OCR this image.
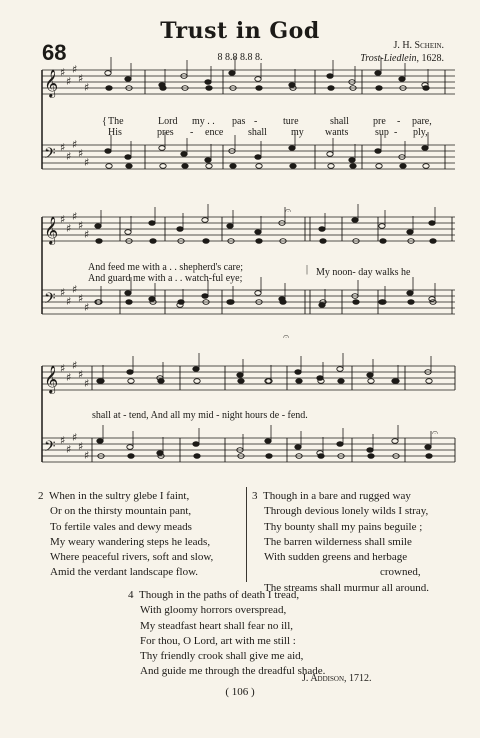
Trust in God
68	8 8.8 8.8 8.
J. H. Schein.
Trost-Liedlein, 1628.
♯
♯
♯
♯
♯
♯
♯
♯
♯
♯
𝄞
𝄢
♯
♯
♯
♯
♯
♯
♯
♯
♯
♯
𝄞
𝄢
♯
♯
♯
♯
♯
♯
♯
♯
♯
♯
𝄞
𝄢
𝄐
𝄐
𝄐
{ The	Lord my . . pas -	ture	shall pre - pare,
His	pres - ence shall my wants	sup - ply,
And feed me with a . . shepherd's care;
And guard me with a . . watch-ful eye;
| My noon- day walks he
shall at - tend, And all my mid - night hours de - fend.
2 When in the sultry glebe I faint,
Or on the thirsty mountain pant,
To fertile vales and dewy meads
My weary wandering steps he leads,
Where peaceful rivers, soft and slow,
Amid the verdant landscape flow.
3 Though in a bare and rugged way
Through devious lonely wilds I stray,
Thy bounty shall my pains beguile ;
The barren wilderness shall smile
With sudden greens and herbage
crowned,
The streams shall murmur all around.
4 Though in the paths of death I tread,
With gloomy horrors overspread,
My steadfast heart shall fear no ill,
For thou, O Lord, art with me still :
Thy friendly crook shall give me aid,
And guide me through the dreadful shade.
J. Addison, 1712.
( 106 )
